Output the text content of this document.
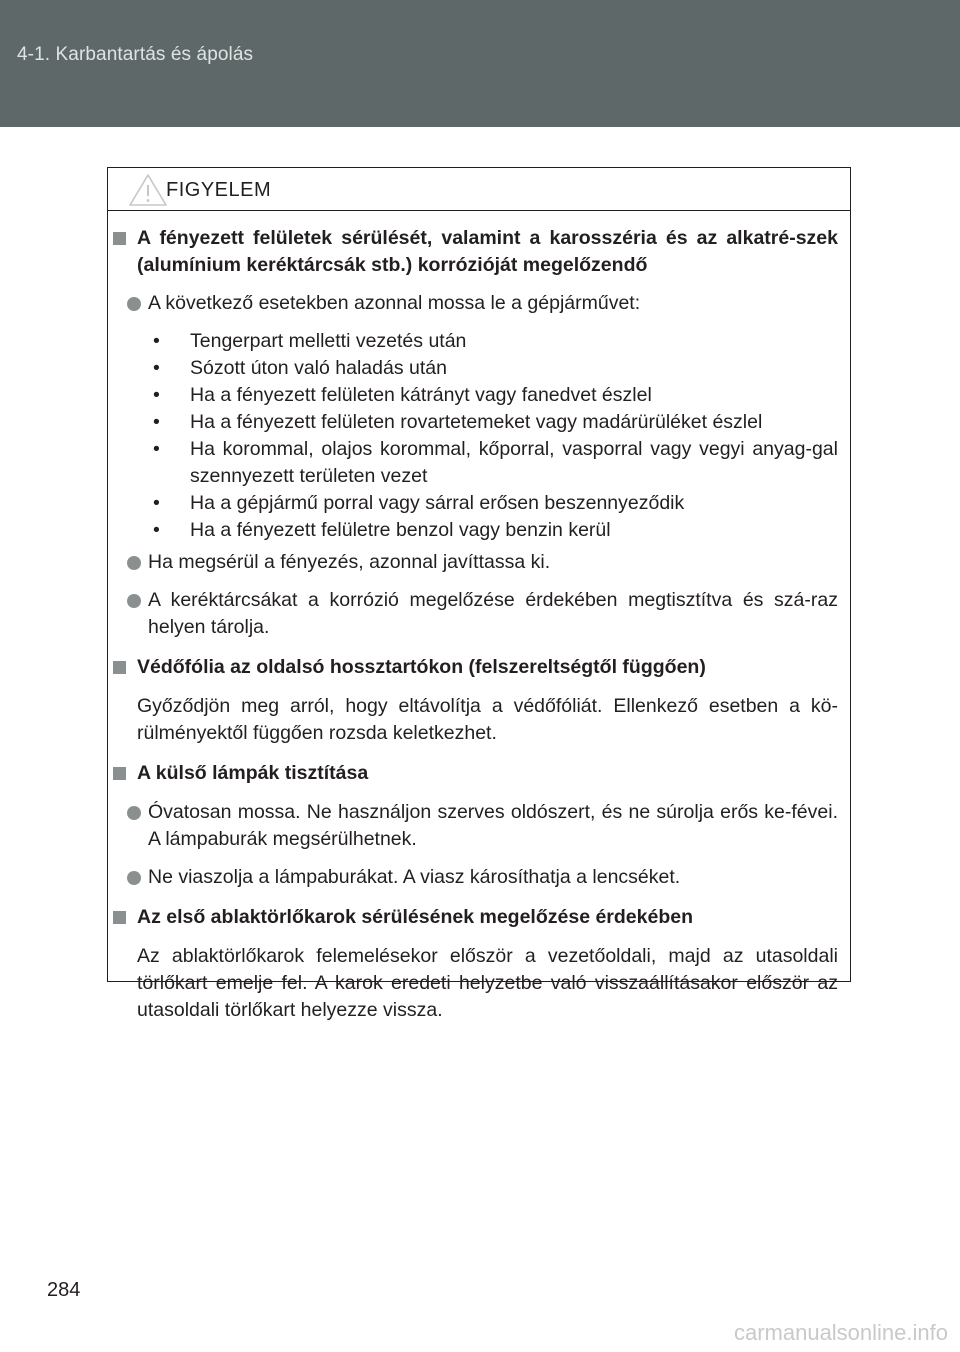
4-1. Karbantartás és ápolás
FIGYELEM
A fényezett felületek sérülését, valamint a karosszéria és az alkatré-szek (alumínium keréktárcsák stb.) korrózióját megelőzendő
A következő esetekben azonnal mossa le a gépjárművet:
• Tengerpart melletti vezetés után
• Sózott úton való haladás után
• Ha a fényezett felületen kátrányt vagy fanedvet észlel
• Ha a fényezett felületen rovartetemeket vagy madárürüléket észlel
• Ha korommal, olajos korommal, kőporral, vasporral vagy vegyi anyag-gal szennyezett területen vezet
• Ha a gépjármű porral vagy sárral erősen beszennyeződik
• Ha a fényezett felületre benzol vagy benzin kerül
Ha megsérül a fényezés, azonnal javíttassa ki.
A keréktárcsákat a korrózió megelőzése érdekében megtisztítva és szá-raz helyen tárolja.
Védőfólia az oldalsó hossztartókon (felszereltségtől függően)
Győződjön meg arról, hogy eltávolítja a védőfóliát. Ellenkező esetben a kö-rülményektől függően rozsda keletkezhet.
A külső lámpák tisztítása
Óvatosan mossa. Ne használjon szerves oldószert, és ne súrolja erős ke-févei. A lámpaburák megsérülhetnek.
Ne viaszolja a lámpaburákat. A viasz károsíthatja a lencséket.
Az első ablaktörlőkarok sérülésének megelőzése érdekében
Az ablaktörlőkarok felemelésekor először a vezetőoldali, majd az utasoldali törlőkart emelje fel. A karok eredeti helyzetbe való visszaállításakor először az utasoldali törlőkart helyezze vissza.
284
carmanualsonline.info
